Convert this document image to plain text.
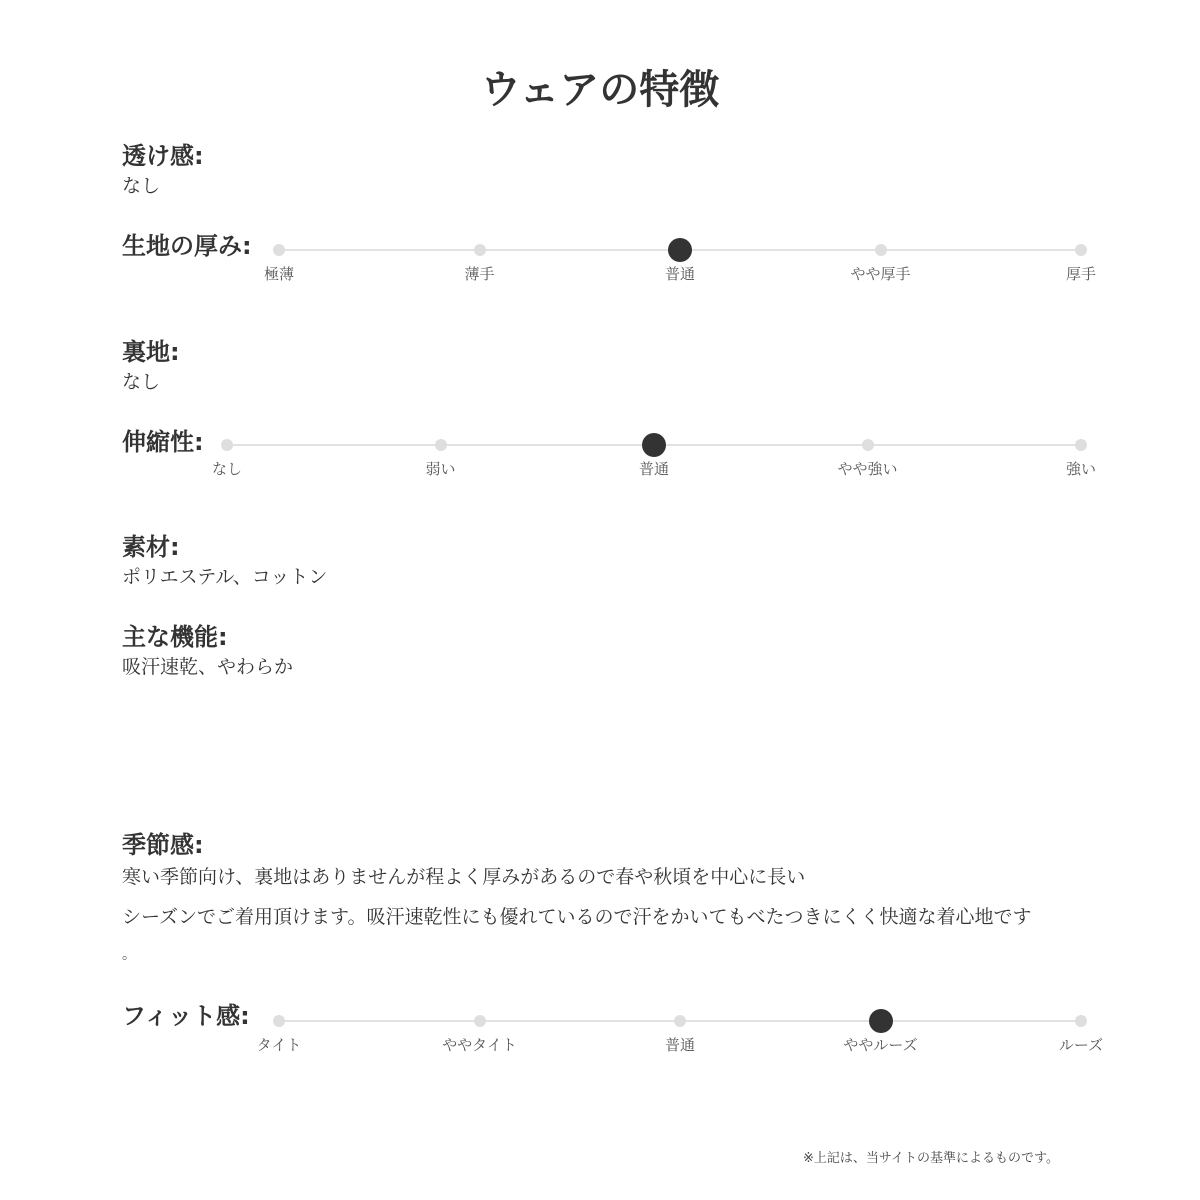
ウェアの特徴
透け感:
なし
生地の厚み:
極薄	薄手	普通	やや厚手	厚手
裏地:
なし
伸縮性:
なし	弱い	普通	やや強い	強い
素材:
ポリエステル、コットン
主な機能:
吸汗速乾、やわらか
季節感:
寒い季節向け、裏地はありませんが程よく厚みがあるので春や秋頃を中心に長い
シーズンでご着用頂けます。吸汗速乾性にも優れているので汗をかいてもべたつきにくく快適な着心地です
。
フィット感:
タイト	ややタイト	普通	ややルーズ	ルーズ
※上記は、当サイトの基準によるものです。
